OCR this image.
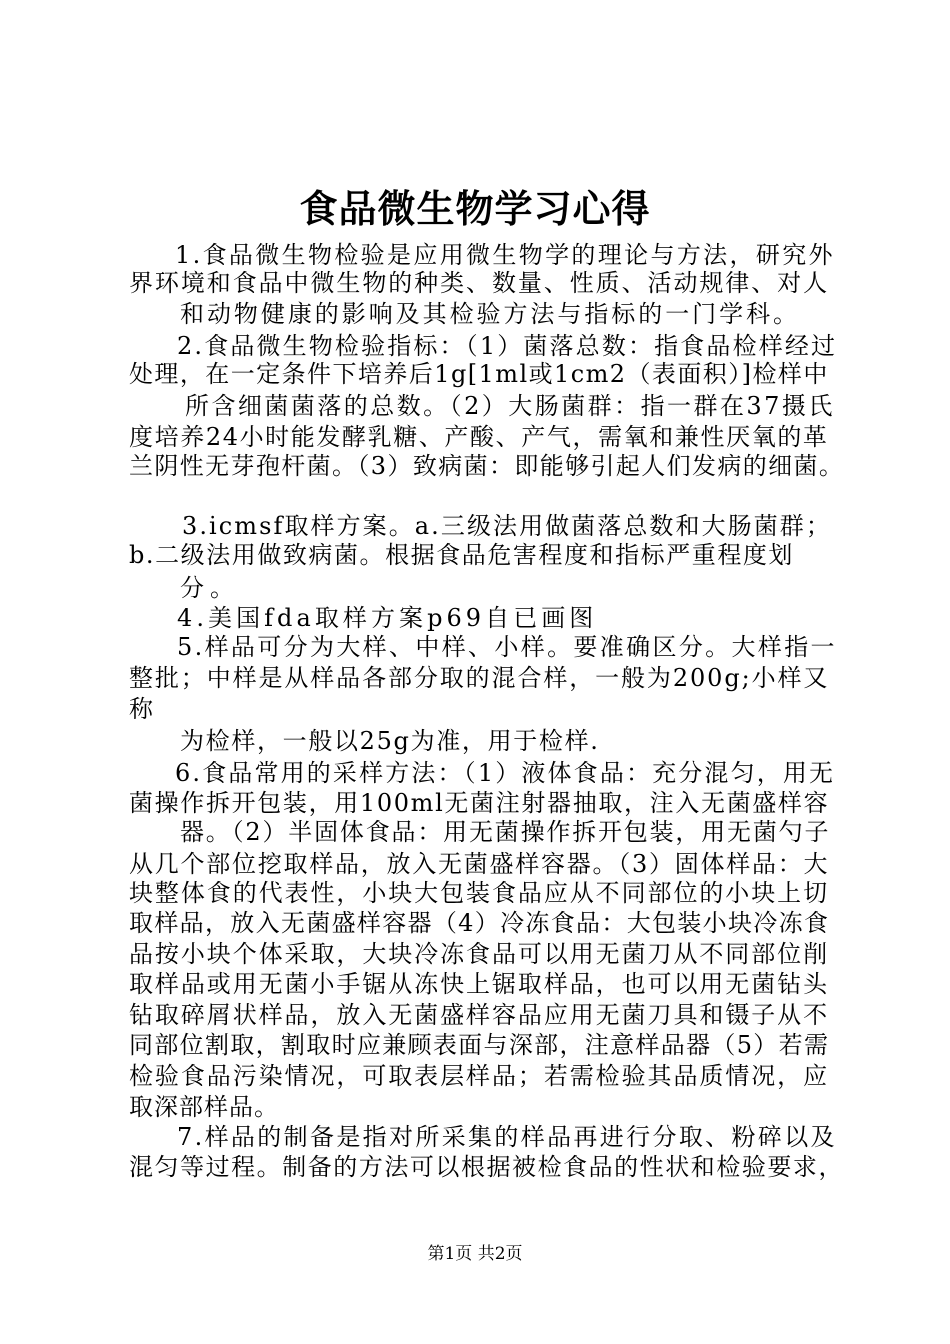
食品微生物学习心得
1.食品微生物检验是应用微生物学的理论与方法，研究外
界环境和食品中微生物的种类、数量、性质、活动规律、对人
和动物健康的影响及其检验方法与指标的一门学科。
2.食品微生物检验指标：（1）菌落总数：指食品检样经过
处理，在一定条件下培养后1g[1ml或1cm2（表面积）]检样中
所含细菌菌落的总数。（2）大肠菌群：指一群在37摄氏
度培养24小时能发酵乳糖、产酸、产气，需氧和兼性厌氧的革
兰阴性无芽孢杆菌。（3）致病菌：即能够引起人们发病的细菌。
3.icmsf取样方案。a.三级法用做菌落总数和大肠菌群；
b.二级法用做致病菌。根据食品危害程度和指标严重程度划
分。
4.美国fda取样方案p69自已画图
5.样品可分为大样、中样、小样。要准确区分。大样指一
整批；中样是从样品各部分取的混合样，一般为200g;小样又
称
为检样，一般以25g为准，用于检样.
6.食品常用的采样方法：（1）液体食品：充分混匀，用无
菌操作拆开包装，用100ml无菌注射器抽取，注入无菌盛样容
器。（2）半固体食品：用无菌操作拆开包装，用无菌勺子
从几个部位挖取样品，放入无菌盛样容器。（3）固体样品：大
块整体食的代表性，小块大包装食品应从不同部位的小块上切
取样品，放入无菌盛样容器（4）冷冻食品：大包装小块冷冻食
品按小块个体采取，大块冷冻食品可以用无菌刀从不同部位削
取样品或用无菌小手锯从冻快上锯取样品，也可以用无菌钻头
钻取碎屑状样品，放入无菌盛样容品应用无菌刀具和镊子从不
同部位割取，割取时应兼顾表面与深部，注意样品器（5）若需
检验食品污染情况，可取表层样品；若需检验其品质情况，应
取深部样品。
7.样品的制备是指对所采集的样品再进行分取、粉碎以及
混匀等过程。制备的方法可以根据被检食品的性状和检验要求，
第1页 共2页
